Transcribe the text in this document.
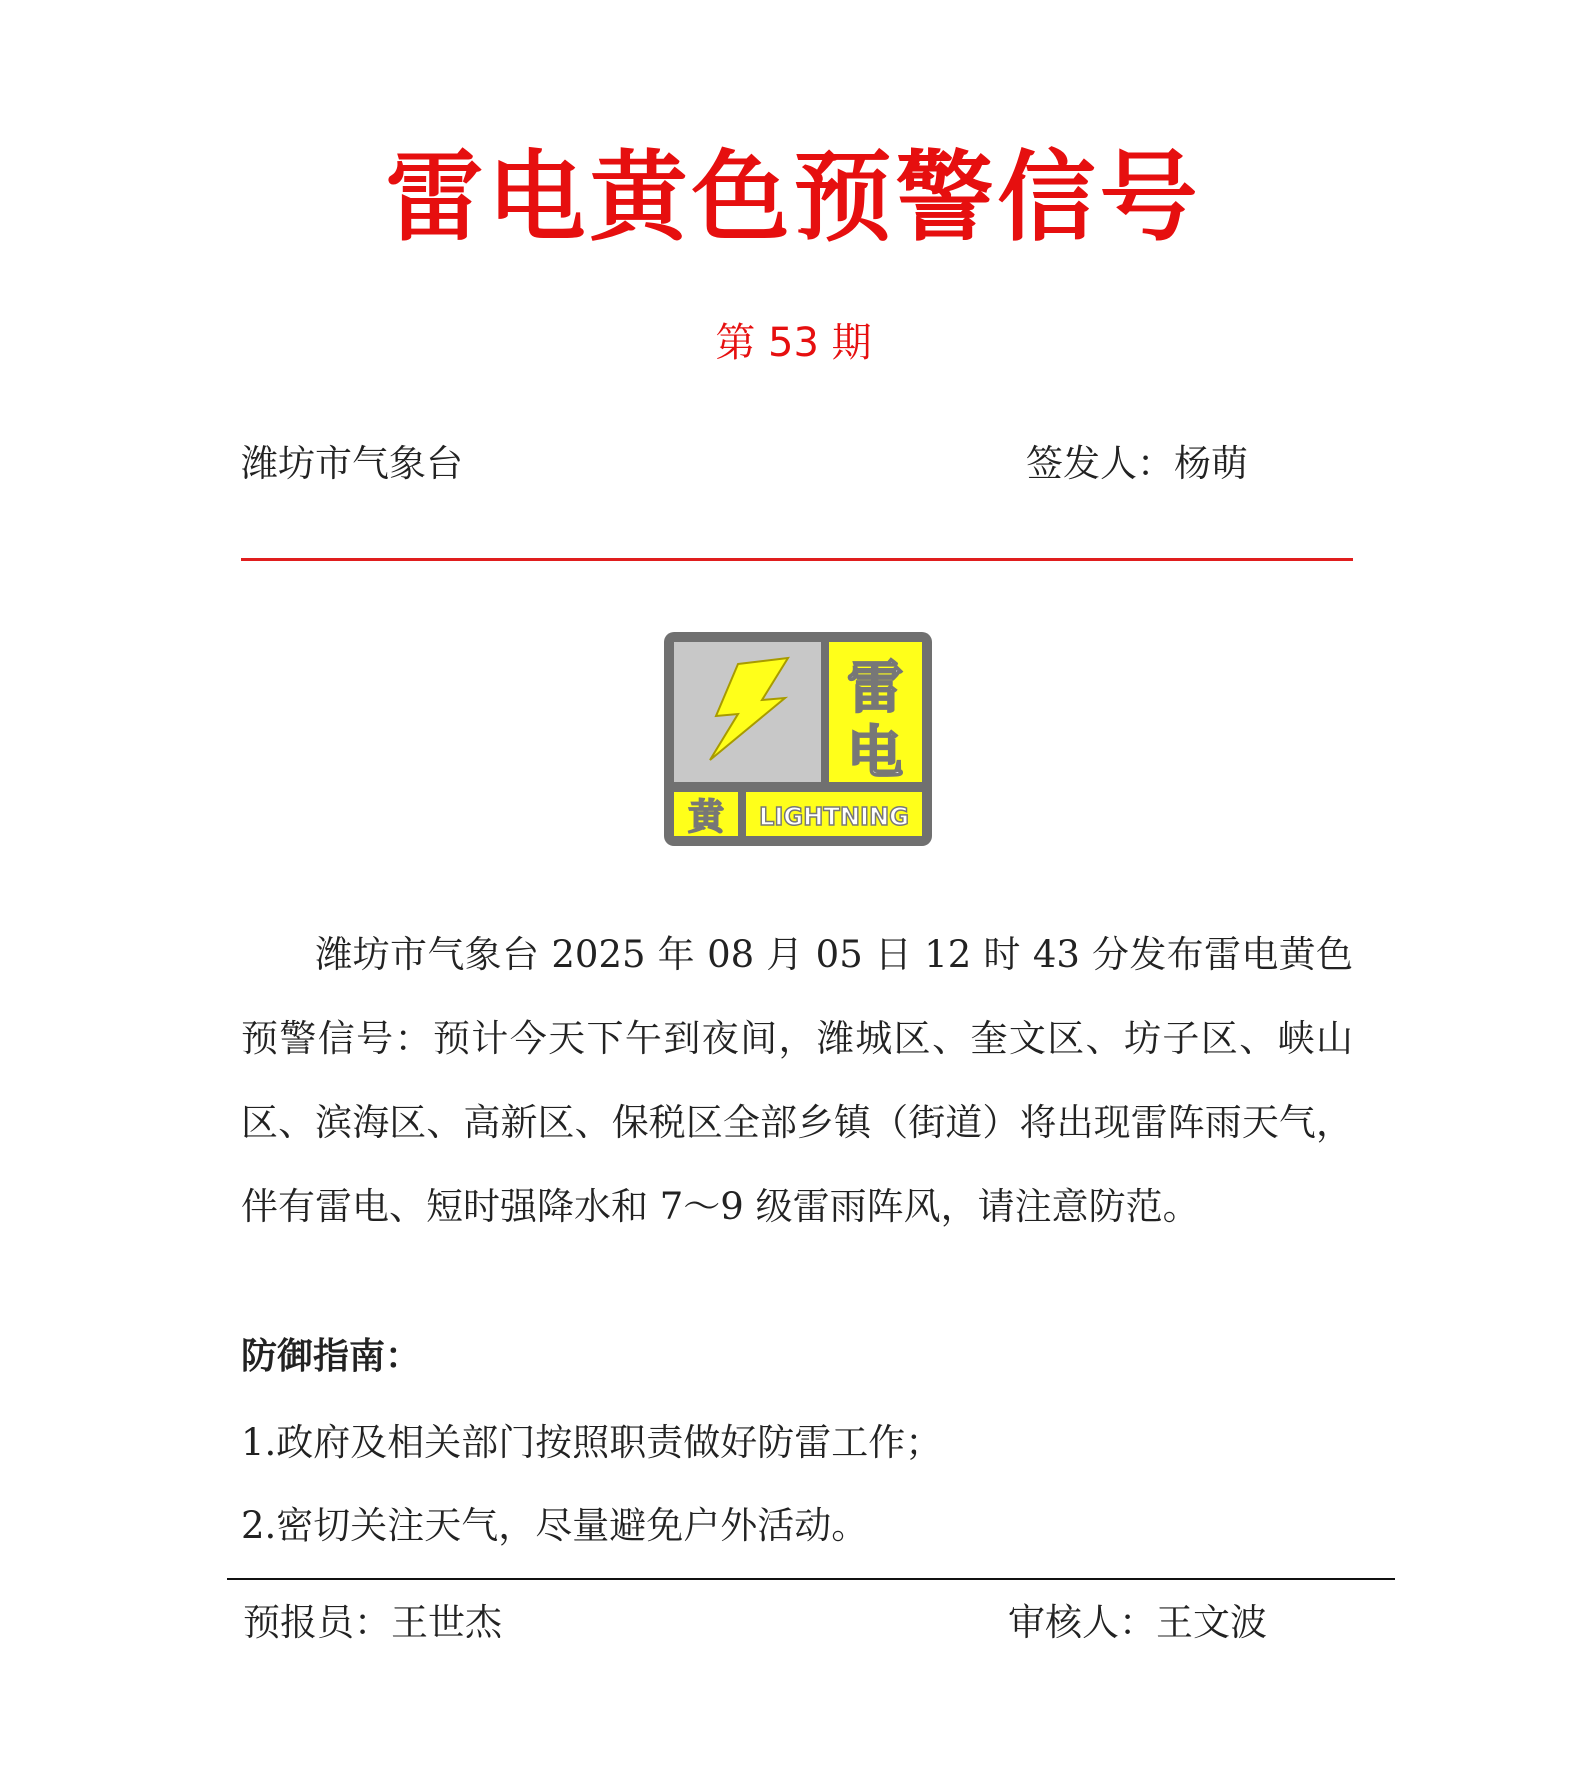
雷电黄色预警信号
第 53 期
潍坊市气象台	签发人：杨萌
雷
电
黄 LIGHTNING

潍坊市气象台 2025 年 08 月 05 日 12 时 43 分发布雷电黄色预警信号：预计今天下午到夜间，潍城区、奎文区、坊子区、峡山区、滨海区、高新区、保税区全部乡镇（街道）将出现雷阵雨天气，伴有雷电、短时强降水和 7～9 级雷雨阵风，请注意防范。

防御指南：
1.政府及相关部门按照职责做好防雷工作；
2.密切关注天气，尽量避免户外活动。
预报员：王世杰	审核人：王文波
